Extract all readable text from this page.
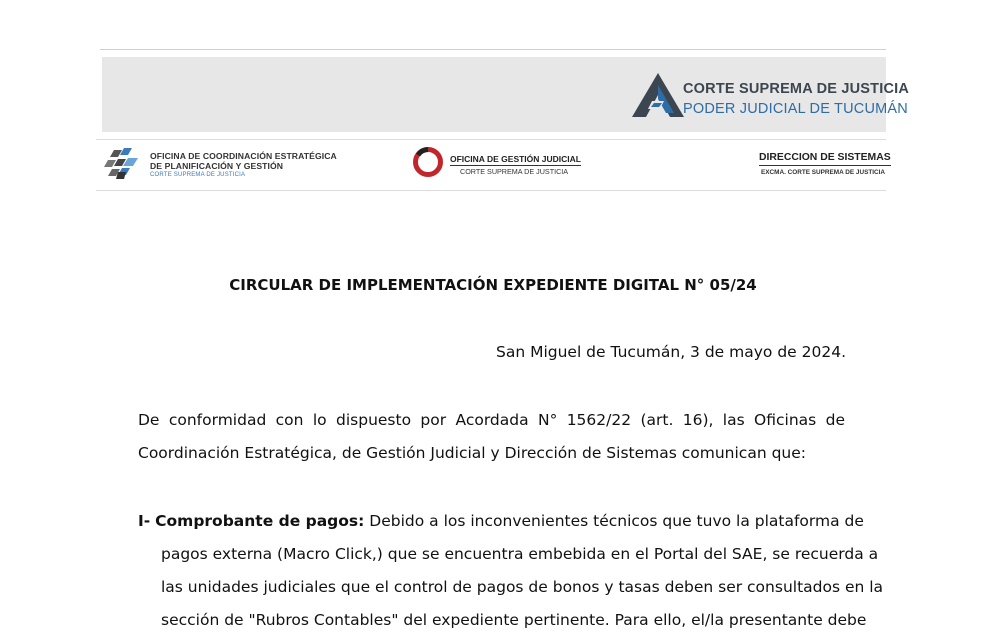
CORTE SUPREMA DE JUSTICIA
PODER JUDICIAL DE TUCUMÁN
OFICINA DE COORDINACIÓN ESTRATÉGICA
DE PLANIFICACIÓN Y GESTIÓN
CORTE SUPREMA DE JUSTICIA
OFICINA DE GESTIÓN JUDICIAL
CORTE SUPREMA DE JUSTICIA
DIRECCION DE SISTEMAS
EXCMA. CORTE SUPREMA DE JUSTICIA
CIRCULAR DE IMPLEMENTACIÓN EXPEDIENTE DIGITAL N° 05/24
San Miguel de Tucumán, 3 de mayo de 2024.
De conformidad con lo dispuesto por Acordada N° 1562/22 (art. 16), las Oficinas de
Coordinación Estratégica, de Gestión Judicial y Dirección de Sistemas comunican que:
I- Comprobante de pagos: Debido a los inconvenientes técnicos que tuvo la plataforma de
pagos externa (Macro Click,) que se encuentra embebida en el Portal del SAE, se recuerda a
las unidades judiciales que el control de pagos de bonos y tasas deben ser consultados en la
sección de "Rubros Contables" del expediente pertinente. Para ello, el/la presentante debe
